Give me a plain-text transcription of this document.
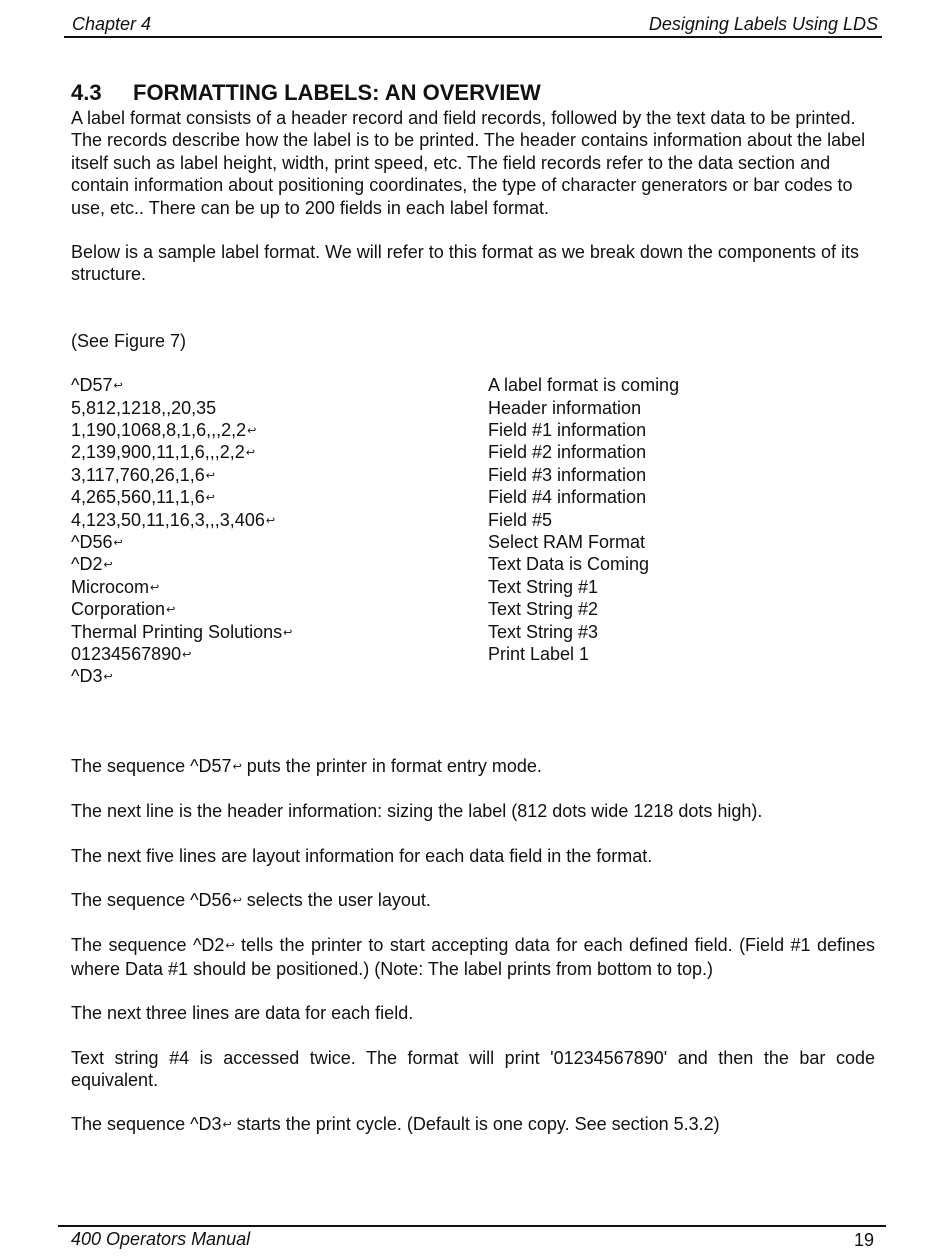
Chapter 4	Designing Labels Using LDS
4.3 FORMATTING LABELS: AN OVERVIEW

A label format consists of a header record and field records, followed by the text data to be printed. The records describe how the label is to be printed. The header contains information about the label itself such as label height, width, print speed, etc. The field records refer to the data section and contain information about positioning coordinates, the type of character generators or bar codes to use, etc.. There can be up to 200 fields in each label format.

Below is a sample label format. We will refer to this format as we break down the components of its structure.

(See Figure 7)

^D57↩	A label format is coming
5,812,1218,,20,35	Header information
1,190,1068,8,1,6,,,2,2↩	Field #1 information
2,139,900,11,1,6,,,2,2↩	Field #2 information
3,117,760,26,1,6↩	Field #3 information
4,265,560,11,1,6↩	Field #4 information
4,123,50,11,16,3,,,3,406↩	Field #5
^D56↩	Select RAM Format
^D2↩	Text Data is Coming
Microcom↩	Text String #1
Corporation↩	Text String #2
Thermal Printing Solutions↩	Text String #3
01234567890↩	Print Label 1
^D3↩

The sequence ^D57↩ puts the printer in format entry mode.

The next line is the header information: sizing the label (812 dots wide 1218 dots high).

The next five lines are layout information for each data field in the format.

The sequence ^D56↩ selects the user layout.

The sequence ^D2↩ tells the printer to start accepting data for each defined field. (Field #1 defines where Data #1 should be positioned.) (Note: The label prints from bottom to top.)

The next three lines are data for each field.

Text string #4 is accessed twice. The format will print '01234567890' and then the bar code equivalent.

The sequence ^D3↩ starts the print cycle. (Default is one copy. See section 5.3.2)

400 Operators Manual	19
